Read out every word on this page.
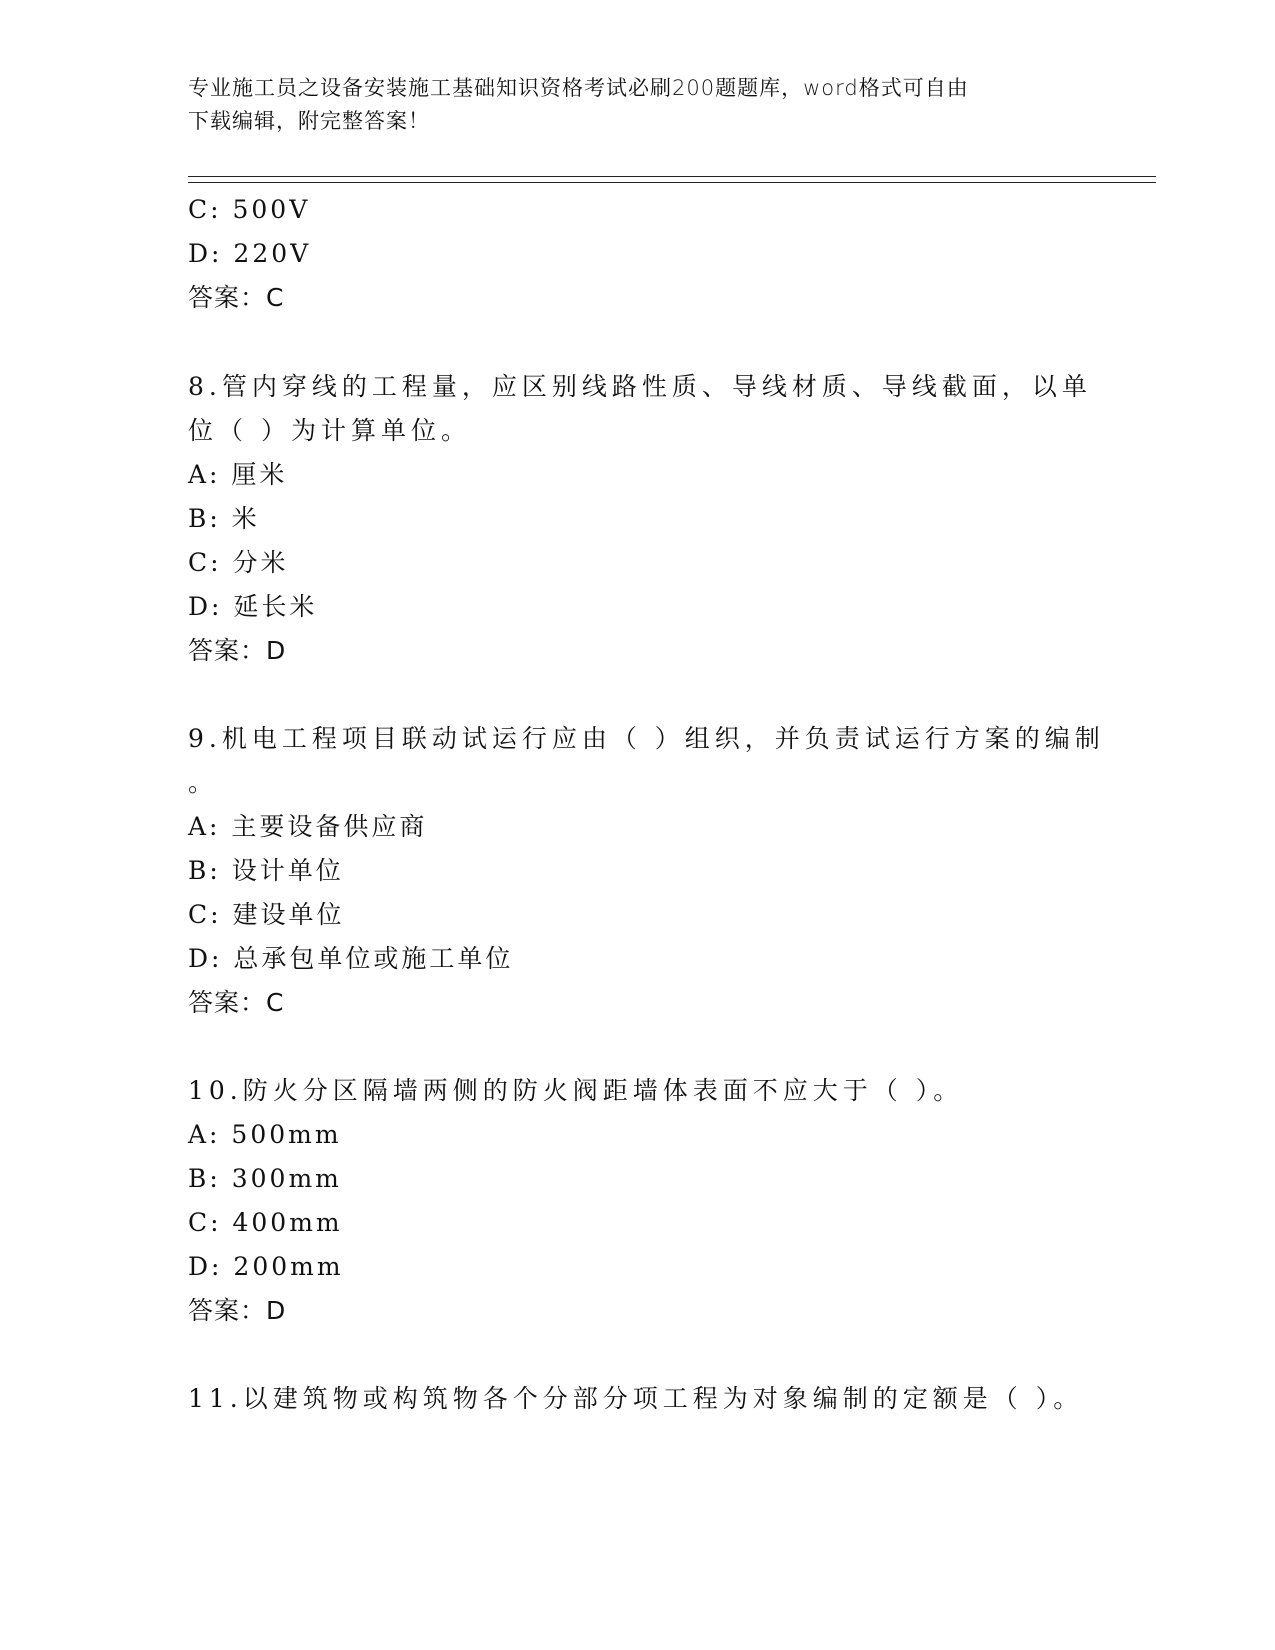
专业施工员之设备安装施工基础知识资格考试必刷200题题库，word格式可自由
下载编辑，附完整答案！
C: 500V
D: 220V
答案：C
8.管内穿线的工程量，应区别线路性质、导线材质、导线截面，以单
位（ ）为计算单位。
A: 厘米
B: 米
C: 分米
D: 延长米
答案：D
9.机电工程项目联动试运行应由（ ）组织，并负责试运行方案的编制
。
A: 主要设备供应商
B: 设计单位
C: 建设单位
D: 总承包单位或施工单位
答案：C
10.防火分区隔墙两侧的防火阀距墙体表面不应大于（ ）。
A: 500mm
B: 300mm
C: 400mm
D: 200mm
答案：D
11.以建筑物或构筑物各个分部分项工程为对象编制的定额是（ ）。
